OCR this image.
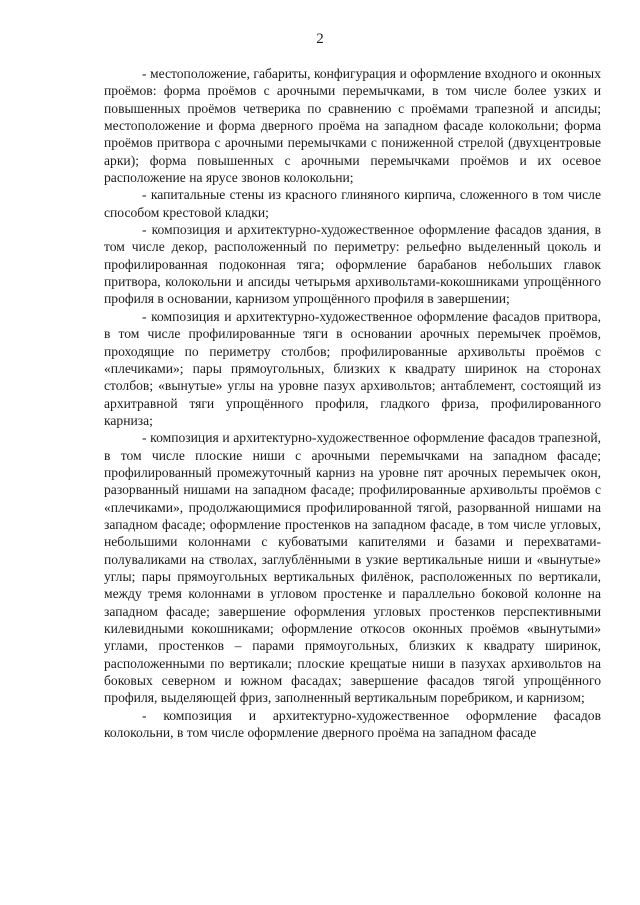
2

- местоположение, габариты, конфигурация и оформление входного и оконных проёмов: форма проёмов с арочными перемычками, в том числе более узких и повышенных проёмов четверика по сравнению с проёмами трапезной и апсиды; местоположение и форма дверного проёма на западном фасаде колокольни; форма проёмов притвора с арочными перемычками с пониженной стрелой (двухцентровые арки); форма повышенных с арочными перемычками проёмов и их осевое расположение на ярусе звонов колокольни;

- капитальные стены из красного глиняного кирпича, сложенного в том числе способом крестовой кладки;

- композиция и архитектурно-художественное оформление фасадов здания, в том числе декор, расположенный по периметру: рельефно выделенный цоколь и профилированная подоконная тяга; оформление барабанов небольших главок притвора, колокольни и апсиды четырьмя архивольтами-кокошниками упрощённого профиля в основании, карнизом упрощённого профиля в завершении;

- композиция и архитектурно-художественное оформление фасадов притвора, в том числе профилированные тяги в основании арочных перемычек проёмов, проходящие по периметру столбов; профилированные архивольты проёмов с «плечиками»; пары прямоугольных, близких к квадрату ширинок на сторонах столбов; «вынутые» углы на уровне пазух архивольтов; антаблемент, состоящий из архитравной тяги упрощённого профиля, гладкого фриза, профилированного карниза;

- композиция и архитектурно-художественное оформление фасадов трапезной, в том числе плоские ниши с арочными перемычками на западном фасаде; профилированный промежуточный карниз на уровне пят арочных перемычек окон, разорванный нишами на западном фасаде; профилированные архивольты проёмов с «плечиками», продолжающимися профилированной тягой, разорванной нишами на западном фасаде; оформление простенков на западном фасаде, в том числе угловых, небольшими колоннами с кубоватыми капителями и базами и перехватами-полуваликами на стволах, заглублёнными в узкие вертикальные ниши и «вынутые» углы; пары прямоугольных вертикальных филёнок, расположенных по вертикали, между тремя колоннами в угловом простенке и параллельно боковой колонне на западном фасаде; завершение оформления угловых простенков перспективными килевидными кокошниками; оформление откосов оконных проёмов «вынутыми» углами, простенков – парами прямоугольных, близких к квадрату ширинок, расположенными по вертикали; плоские крещатые ниши в пазухах архивольтов на боковых северном и южном фасадах; завершение фасадов тягой упрощённого профиля, выделяющей фриз, заполненный вертикальным поребриком, и карнизом;

- композиция и архитектурно-художественное оформление фасадов колокольни, в том числе оформление дверного проёма на западном фасаде
